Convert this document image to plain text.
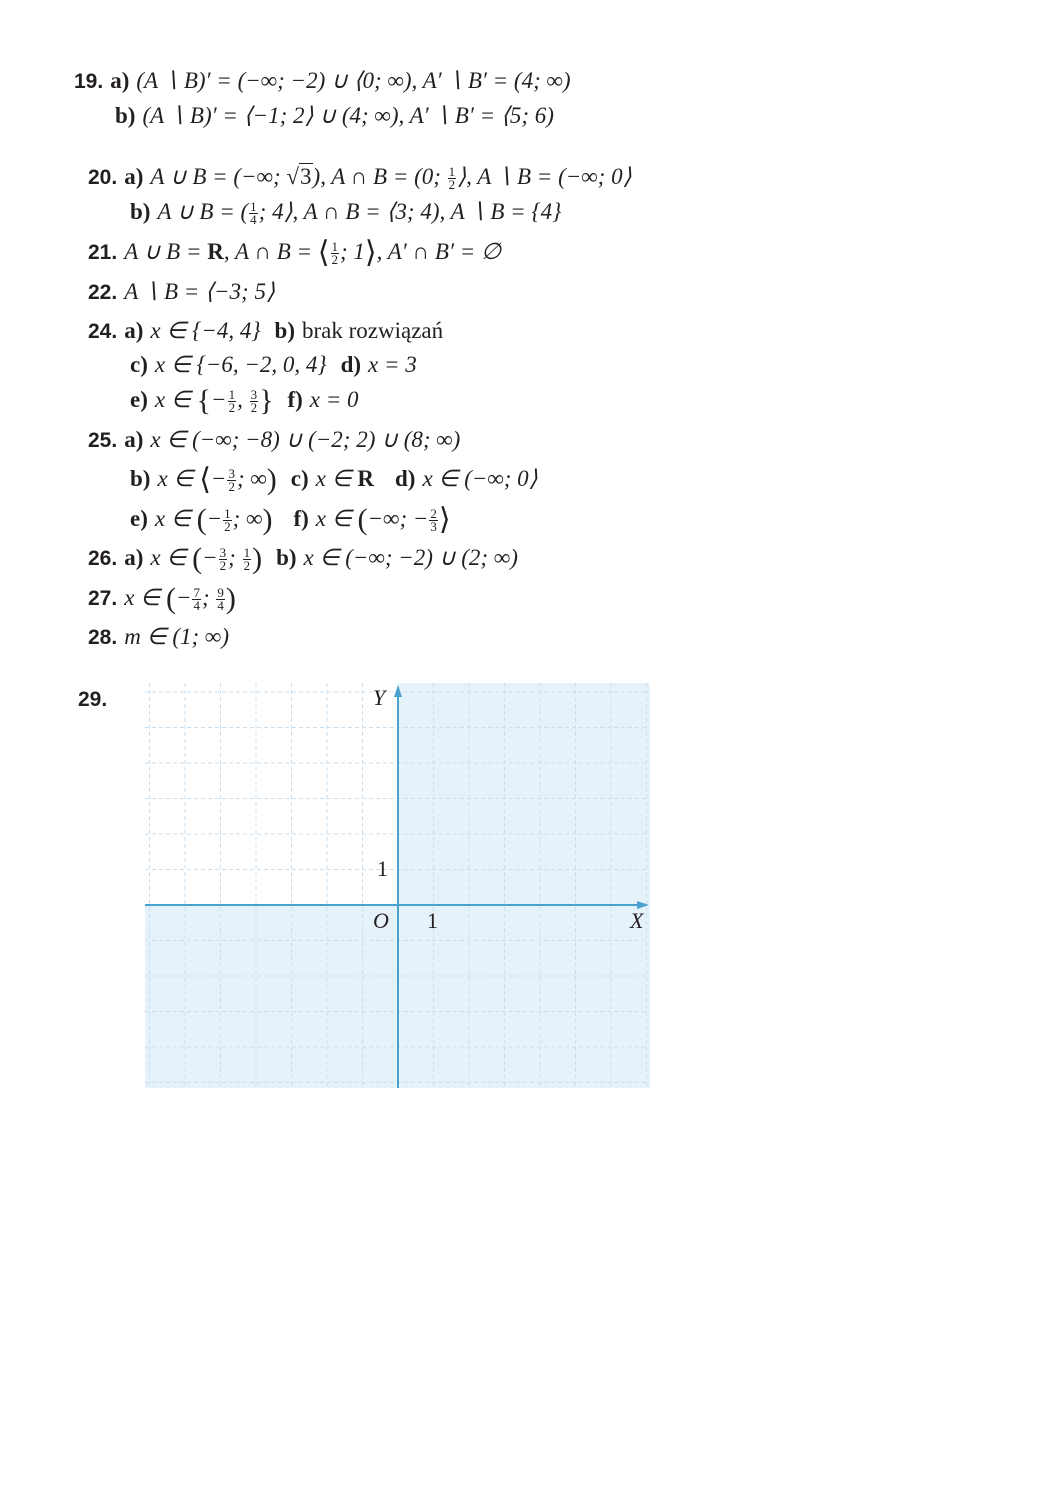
19. a) (A ∖ B)′ = (−∞; −2) ∪ ⟨0; ∞), A′ ∖ B′ = (4; ∞)
b) (A ∖ B)′ = ⟨−1; 2⟩ ∪ (4; ∞), A′ ∖ B′ = ⟨5; 6)
20. a) A ∪ B = (−∞; √3), A ∩ B = (0; $\frac{1}{2}$ ⟩, A ∖ B = (−∞; 0⟩
b) A ∪ B = ( $\frac{1}{4}$ ; 4⟩, A ∩ B = ⟨3; 4), A ∖ B = {4}
21. A ∪ B = R, A ∩ B = ⟨ $\frac{1}{2}$ ; 1⟩, A′ ∩ B′ = ∅
22. A ∖ B = ⟨−3; 5⟩
24. a) x ∈ {−4, 4} b) brak rozwiązań
c) x ∈ {−6, −2, 0, 4} d) x = 3
e) x ∈ {− $\frac{1}{2}$ , $\frac{3}{2}$ } f) x = 0
25. a) x ∈ (−∞; −8) ∪ (−2; 2) ∪ (8; ∞)
b) x ∈ ⟨− $\frac{3}{2}$ ; ∞) c) x ∈ R d) x ∈ (−∞; 0⟩
e) x ∈ (− $\frac{1}{2}$ ; ∞) f) x ∈ (−∞; − $\frac{2}{3}$ ⟩
26. a) x ∈ (− $\frac{3}{2}$ ; $\frac{1}{2}$ ) b) x ∈ (−∞; −2) ∪ (2; ∞)
27. x ∈ (− $\frac{7}{4}$ ; $\frac{9}{4}$ )
28. m ∈ (1; ∞)
29.	Y
X
O 1
1
